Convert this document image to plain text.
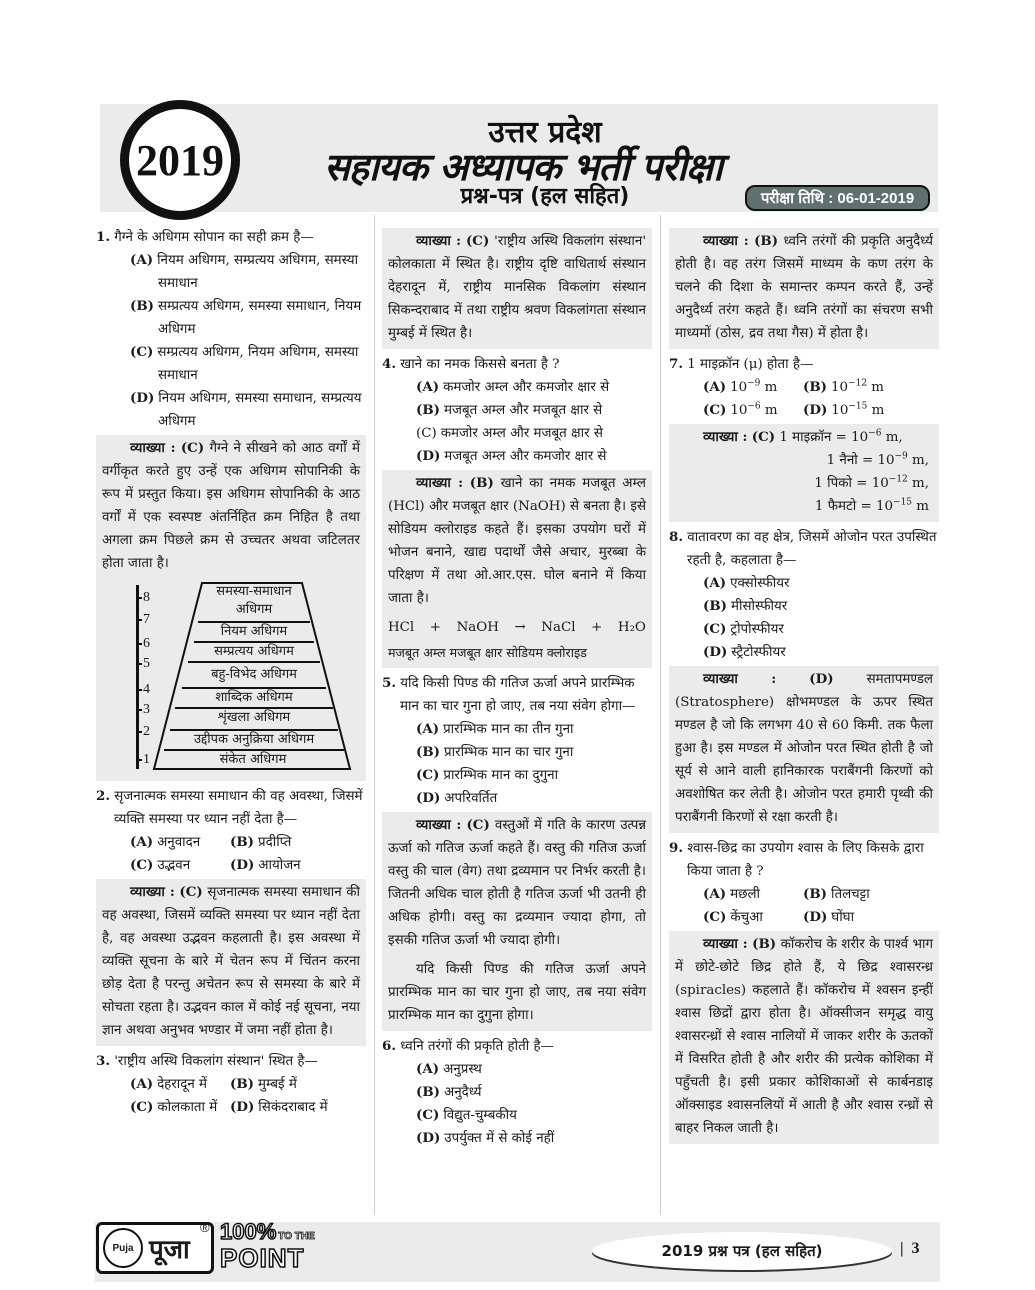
2019
उत्तर प्रदेश
सहायक अध्यापक भर्ती परीक्षा
प्रश्न-पत्र (हल सहित)	परीक्षा तिथि : 06-01-2019
1. गैग्ने के अधिगम सोपान का सही क्रम है—
(A) नियम अधिगम, सम्प्रत्यय अधिगम, समस्या समाधान
(B) सम्प्रत्यय अधिगम, समस्या समाधान, नियम अधिगम
(C) सम्प्रत्यय अधिगम, नियम अधिगम, समस्या समाधान
(D) नियम अधिगम, समस्या समाधान, सम्प्रत्यय अधिगम
व्याख्या : (C) गैग्ने ने सीखने को आठ वर्गों में वर्गीकृत करते हुए उन्हें एक अधिगम सोपानिकी के रूप में प्रस्तुत किया। इस अधिगम सोपानिकी के आठ वर्गों में एक स्वस्पष्ट अंतर्निहित क्रम निहित है तथा अगला क्रम पिछले क्रम से उच्चतर अथवा जटिलतर होता जाता है।
8
7
6
5
4
3
2
1
समस्या-समाधान अधिगम
नियम अधिगम
सम्प्रत्यय अधिगम
बहु-विभेद अधिगम
शाब्दिक अधिगम
शृंखला अधिगम
उद्दीपक अनुक्रिया अधिगम
संकेत अधिगम
2. सृजनात्मक समस्या समाधान की वह अवस्था, जिसमें व्यक्ति समस्या पर ध्यान नहीं देता है—
(A) अनुवादन	(B) प्रदीप्ति
(C) उद्भवन	(D) आयोजन
व्याख्या : (C) सृजनात्मक समस्या समाधान की वह अवस्था, जिसमें व्यक्ति समस्या पर ध्यान नहीं देता है, वह अवस्था उद्भवन कहलाती है। इस अवस्था में व्यक्ति सूचना के बारे में चेतन रूप में चिंतन करना छोड़ देता है परन्तु अचेतन रूप से समस्या के बारे में सोचता रहता है। उद्भवन काल में कोई नई सूचना, नया ज्ञान अथवा अनुभव भण्डार में जमा नहीं होता है।
3. 'राष्ट्रीय अस्थि विकलांग संस्थान' स्थित है—
(A) देहरादून में	(B) मुम्बई में
(C) कोलकाता में (D) सिकंदराबाद में
व्याख्या : (C) 'राष्ट्रीय अस्थि विकलांग संस्थान' कोलकाता में स्थित है। राष्ट्रीय दृष्टि वाधितार्थ संस्थान देहरादून में, राष्ट्रीय मानसिक विकलांग संस्थान सिकन्दराबाद में तथा राष्ट्रीय श्रवण विकलांगता संस्थान मुम्बई में स्थित है।
4. खाने का नमक किससे बनता है ?
(A) कमजोर अम्ल और कमजोर क्षार से
(B) मजबूत अम्ल और मजबूत क्षार से
(C) कमजोर अम्ल और मजबूत क्षार से
(D) मजबूत अम्ल और कमजोर क्षार से
व्याख्या : (B) खाने का नमक मजबूत अम्ल (HCl) और मजबूत क्षार (NaOH) से बनता है। इसे सोडियम क्लोराइड कहते हैं। इसका उपयोग घरों में भोजन बनाने, खाद्य पदार्थों जैसे अचार, मुरब्बा के परिक्षण में तथा ओ.आर.एस. घोल बनाने में किया जाता है।
HCl + NaOH → NaCl + H₂O
मजबूत अम्ल मजबूत क्षार सोडियम क्लोराइड
5. यदि किसी पिण्ड की गतिज ऊर्जा अपने प्रारम्भिक मान का चार गुना हो जाए, तब नया संवेग होगा—
(A) प्रारम्भिक मान का तीन गुना
(B) प्रारम्भिक मान का चार गुना
(C) प्रारम्भिक मान का दुगुना
(D) अपरिवर्तित
व्याख्या : (C) वस्तुओं में गति के कारण उत्पन्न ऊर्जा को गतिज ऊर्जा कहते हैं। वस्तु की गतिज ऊर्जा वस्तु की चाल (वेग) तथा द्रव्यमान पर निर्भर करती है। जितनी अधिक चाल होती है गतिज ऊर्जा भी उतनी ही अधिक होगी। वस्तु का द्रव्यमान ज्यादा होगा, तो इसकी गतिज ऊर्जा भी ज्यादा होगी।
यदि किसी पिण्ड की गतिज ऊर्जा अपने प्रारम्भिक मान का चार गुना हो जाए, तब नया संवेग प्रारम्भिक मान का दुगुना होगा।
6. ध्वनि तरंगों की प्रकृति होती है—
(A) अनुप्रस्थ
(B) अनुदैर्ध्य
(C) विद्युत-चुम्बकीय
(D) उपर्युक्त में से कोई नहीं
व्याख्या : (B) ध्वनि तरंगों की प्रकृति अनुदैर्ध्य होती है। वह तरंग जिसमें माध्यम के कण तरंग के चलने की दिशा के समान्तर कम्पन करते हैं, उन्हें अनुदैर्ध्य तरंग कहते हैं। ध्वनि तरंगों का संचरण सभी माध्यमों (ठोस, द्रव तथा गैस) में होता है।
7. 1 माइक्रॉन (μ) होता है—
(A) $10^{-9}$ m	(B) $10^{-12}$ m
(C) $10^{-6}$ m	(D) $10^{-15}$ m
व्याख्या : (C) 1 माइक्रॉन = $10^{-6}$ m,
1 नैनो = $10^{-9}$ m,
1 पिको = $10^{-12}$ m,
1 फैमटो = $10^{-15}$ m
8. वातावरण का वह क्षेत्र, जिसमें ओजोन परत उपस्थित रहती है, कहलाता है—
(A) एक्सोस्फीयर
(B) मीसोस्फीयर
(C) ट्रोपोस्फीयर
(D) स्ट्रैटोस्फीयर
व्याख्या : (D) समतापमण्डल (Stratosphere) क्षोभमण्डल के ऊपर स्थित मण्डल है जो कि लगभग 40 से 60 किमी. तक फैला हुआ है। इस मण्डल में ओजोन परत स्थित होती है जो सूर्य से आने वाली हानिकारक पराबैंगनी किरणों को अवशोषित कर लेती है। ओजोन परत हमारी पृथ्वी की पराबैंगनी किरणों से रक्षा करती है।
9. श्वास-छिद्र का उपयोग श्वास के लिए किसके द्वारा किया जाता है ?
(A) मछली	(B) तिलचट्टा
(C) केंचुआ	(D) घोंघा
व्याख्या : (B) कॉकरोच के शरीर के पार्श्व भाग में छोटे-छोटे छिद्र होते हैं, ये छिद्र श्वासरन्ध्र (spiracles) कहलाते हैं। कॉकरोच में श्वसन इन्हीं श्वास छिद्रों द्वारा होता है। ऑक्सीजन समृद्ध वायु श्वासरन्ध्रों से श्वास नालियों में जाकर शरीर के ऊतकों में विसरित होती है और शरीर की प्रत्येक कोशिका में पहुँचती है। इसी प्रकार कोशिकाओं से कार्बनडाइ ऑक्साइड श्वासनलियों में आती है और श्वास रन्ध्रों से बाहर निकल जाती है।
Puja पूजा
® 100% TO THE
POINT	2019 प्रश्न पत्र (हल सहित)	| 3
